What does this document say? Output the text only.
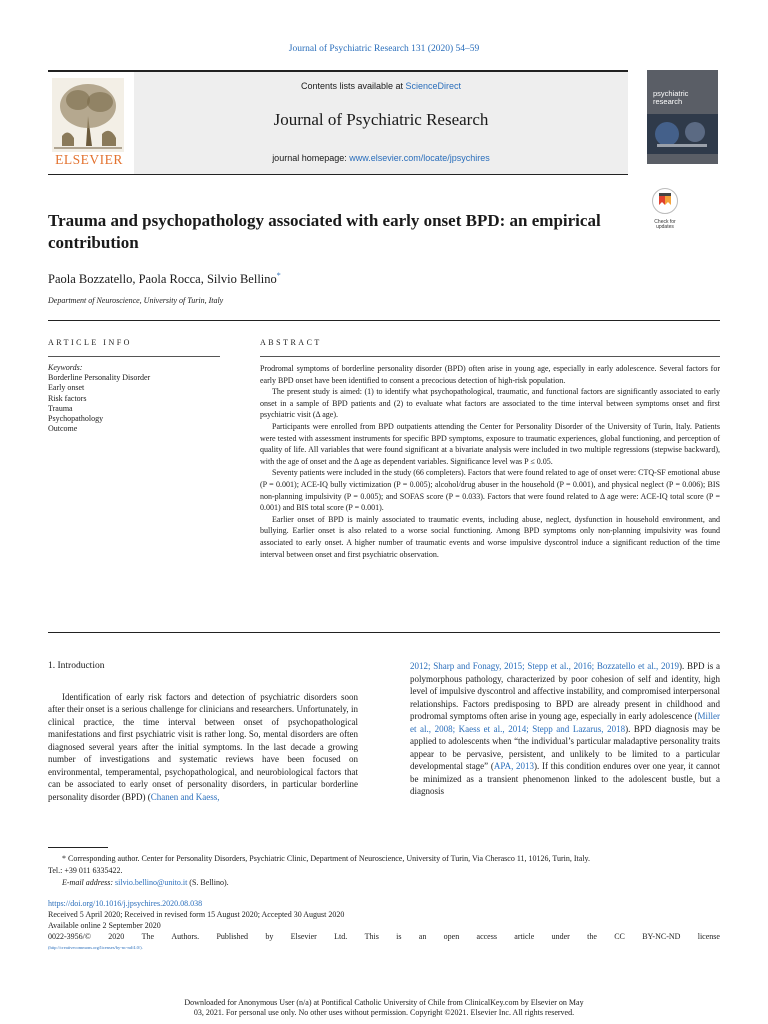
Journal of Psychiatric Research 131 (2020) 54–59
ELSEVIER
Contents lists available at ScienceDirect
Journal of Psychiatric Research
journal homepage: www.elsevier.com/locate/jpsychires
psychiatric
research
Check for
updates
Trauma and psychopathology associated with early onset BPD: an empirical contribution
Paola Bozzatello, Paola Rocca, Silvio Bellino*
Department of Neuroscience, University of Turin, Italy
ARTICLE INFO	ABSTRACT
Keywords:
Borderline Personality Disorder
Early onset
Risk factors
Trauma
Psychopathology
Outcome

Prodromal symptoms of borderline personality disorder (BPD) often arise in young age, especially in early adolescence. Several factors for early BPD onset have been identified to consent a precocious detection of high-risk population.

The present study is aimed: (1) to identify what psychopathological, traumatic, and functional factors are significantly associated to early onset in a sample of BPD patients and (2) to evaluate what factors are associated to the time interval between symptoms onset and first psychiatric visit (Δ age).

Participants were enrolled from BPD outpatients attending the Center for Personality Disorder of the University of Turin, Italy. Patients were tested with assessment instruments for specific BPD symptoms, exposure to traumatic experiences, global functioning, and perception of quality of life. All variables that were found significant at a bivariate analysis were included in two multiple regressions (stepwise backward), with the age of onset and the Δ age as dependent variables. Significance level was P ≤ 0.05.

Seventy patients were included in the study (66 completers). Factors that were found related to age of onset were: CTQ-SF emotional abuse (P = 0.001); ACE-IQ bully victimization (P = 0.005); alcohol/drug abuser in the household (P = 0.001), and physical neglect (P = 0.006); BIS non-planning impulsivity (P = 0.005); and SOFAS score (P = 0.033). Factors that were found related to Δ age were: ACE-IQ total score (P = 0.001) and BIS total score (P = 0.001).

Earlier onset of BPD is mainly associated to traumatic events, including abuse, neglect, dysfunction in household environment, and bullying. Earlier onset is also related to a worse social functioning. Among BPD symptoms only non-planning impulsivity was found associated to early onset. A higher number of traumatic events and worse impulsive dyscontrol induce a significant reduction of the time interval between onset and first psychiatric observation.

1. Introduction

Identification of early risk factors and detection of psychiatric disorders soon after their onset is a serious challenge for clinicians and researchers. Unfortunately, in clinical practice, the time interval between onset of psychopathological manifestations and first psychiatric visit is rather long. So, mental disorders are often diagnosed several years after the initial symptoms. In the last decade a growing number of investigations and systematic reviews have been focused on environmental, temperamental, psychopathological, and neurobiological factors that can be associated to early onset of personality disorders, in particular borderline personality disorder (BPD) (Chanen and Kaess,

2012; Sharp and Fonagy, 2015; Stepp et al., 2016; Bozzatello et al., 2019). BPD is a polymorphous pathology, characterized by poor cohesion of self and identity, high level of impulsive dyscontrol and affective instability, and compromised interpersonal relationships. Factors predisposing to BPD are already present in childhood and prodromal symptoms often arise in young age, especially in early adolescence (Miller et al., 2008; Kaess et al., 2014; Stepp and Lazarus, 2018). BPD diagnosis may be applied to adolescents when “the individual’s particular maladaptive personality traits appear to be pervasive, persistent, and unlikely to be limited to a particular developmental stage” (APA, 2013). If this condition endures over one year, it cannot be minimized as a transient phenomenon linked to the adolescent bustle, but a diagnosis

* Corresponding author. Center for Personality Disorders, Psychiatric Clinic, Department of Neuroscience, University of Turin, Via Cherasco 11, 10126, Turin, Italy.

Tel.: +39 011 6335422.

E-mail address: silvio.bellino@unito.it (S. Bellino).

https://doi.org/10.1016/j.jpsychires.2020.08.038

Received 5 April 2020; Received in revised form 15 August 2020; Accepted 30 August 2020

Available online 2 September 2020

0022-3956/© 2020 The Authors. Published by Elsevier Ltd. This is an open access article under the CC BY-NC-ND license

(http://creativecommons.org/licenses/by-nc-nd/4.0/).

Downloaded for Anonymous User (n/a) at Pontifical Catholic University of Chile from ClinicalKey.com by Elsevier on May
03, 2021. For personal use only. No other uses without permission. Copyright ©2021. Elsevier Inc. All rights reserved.
